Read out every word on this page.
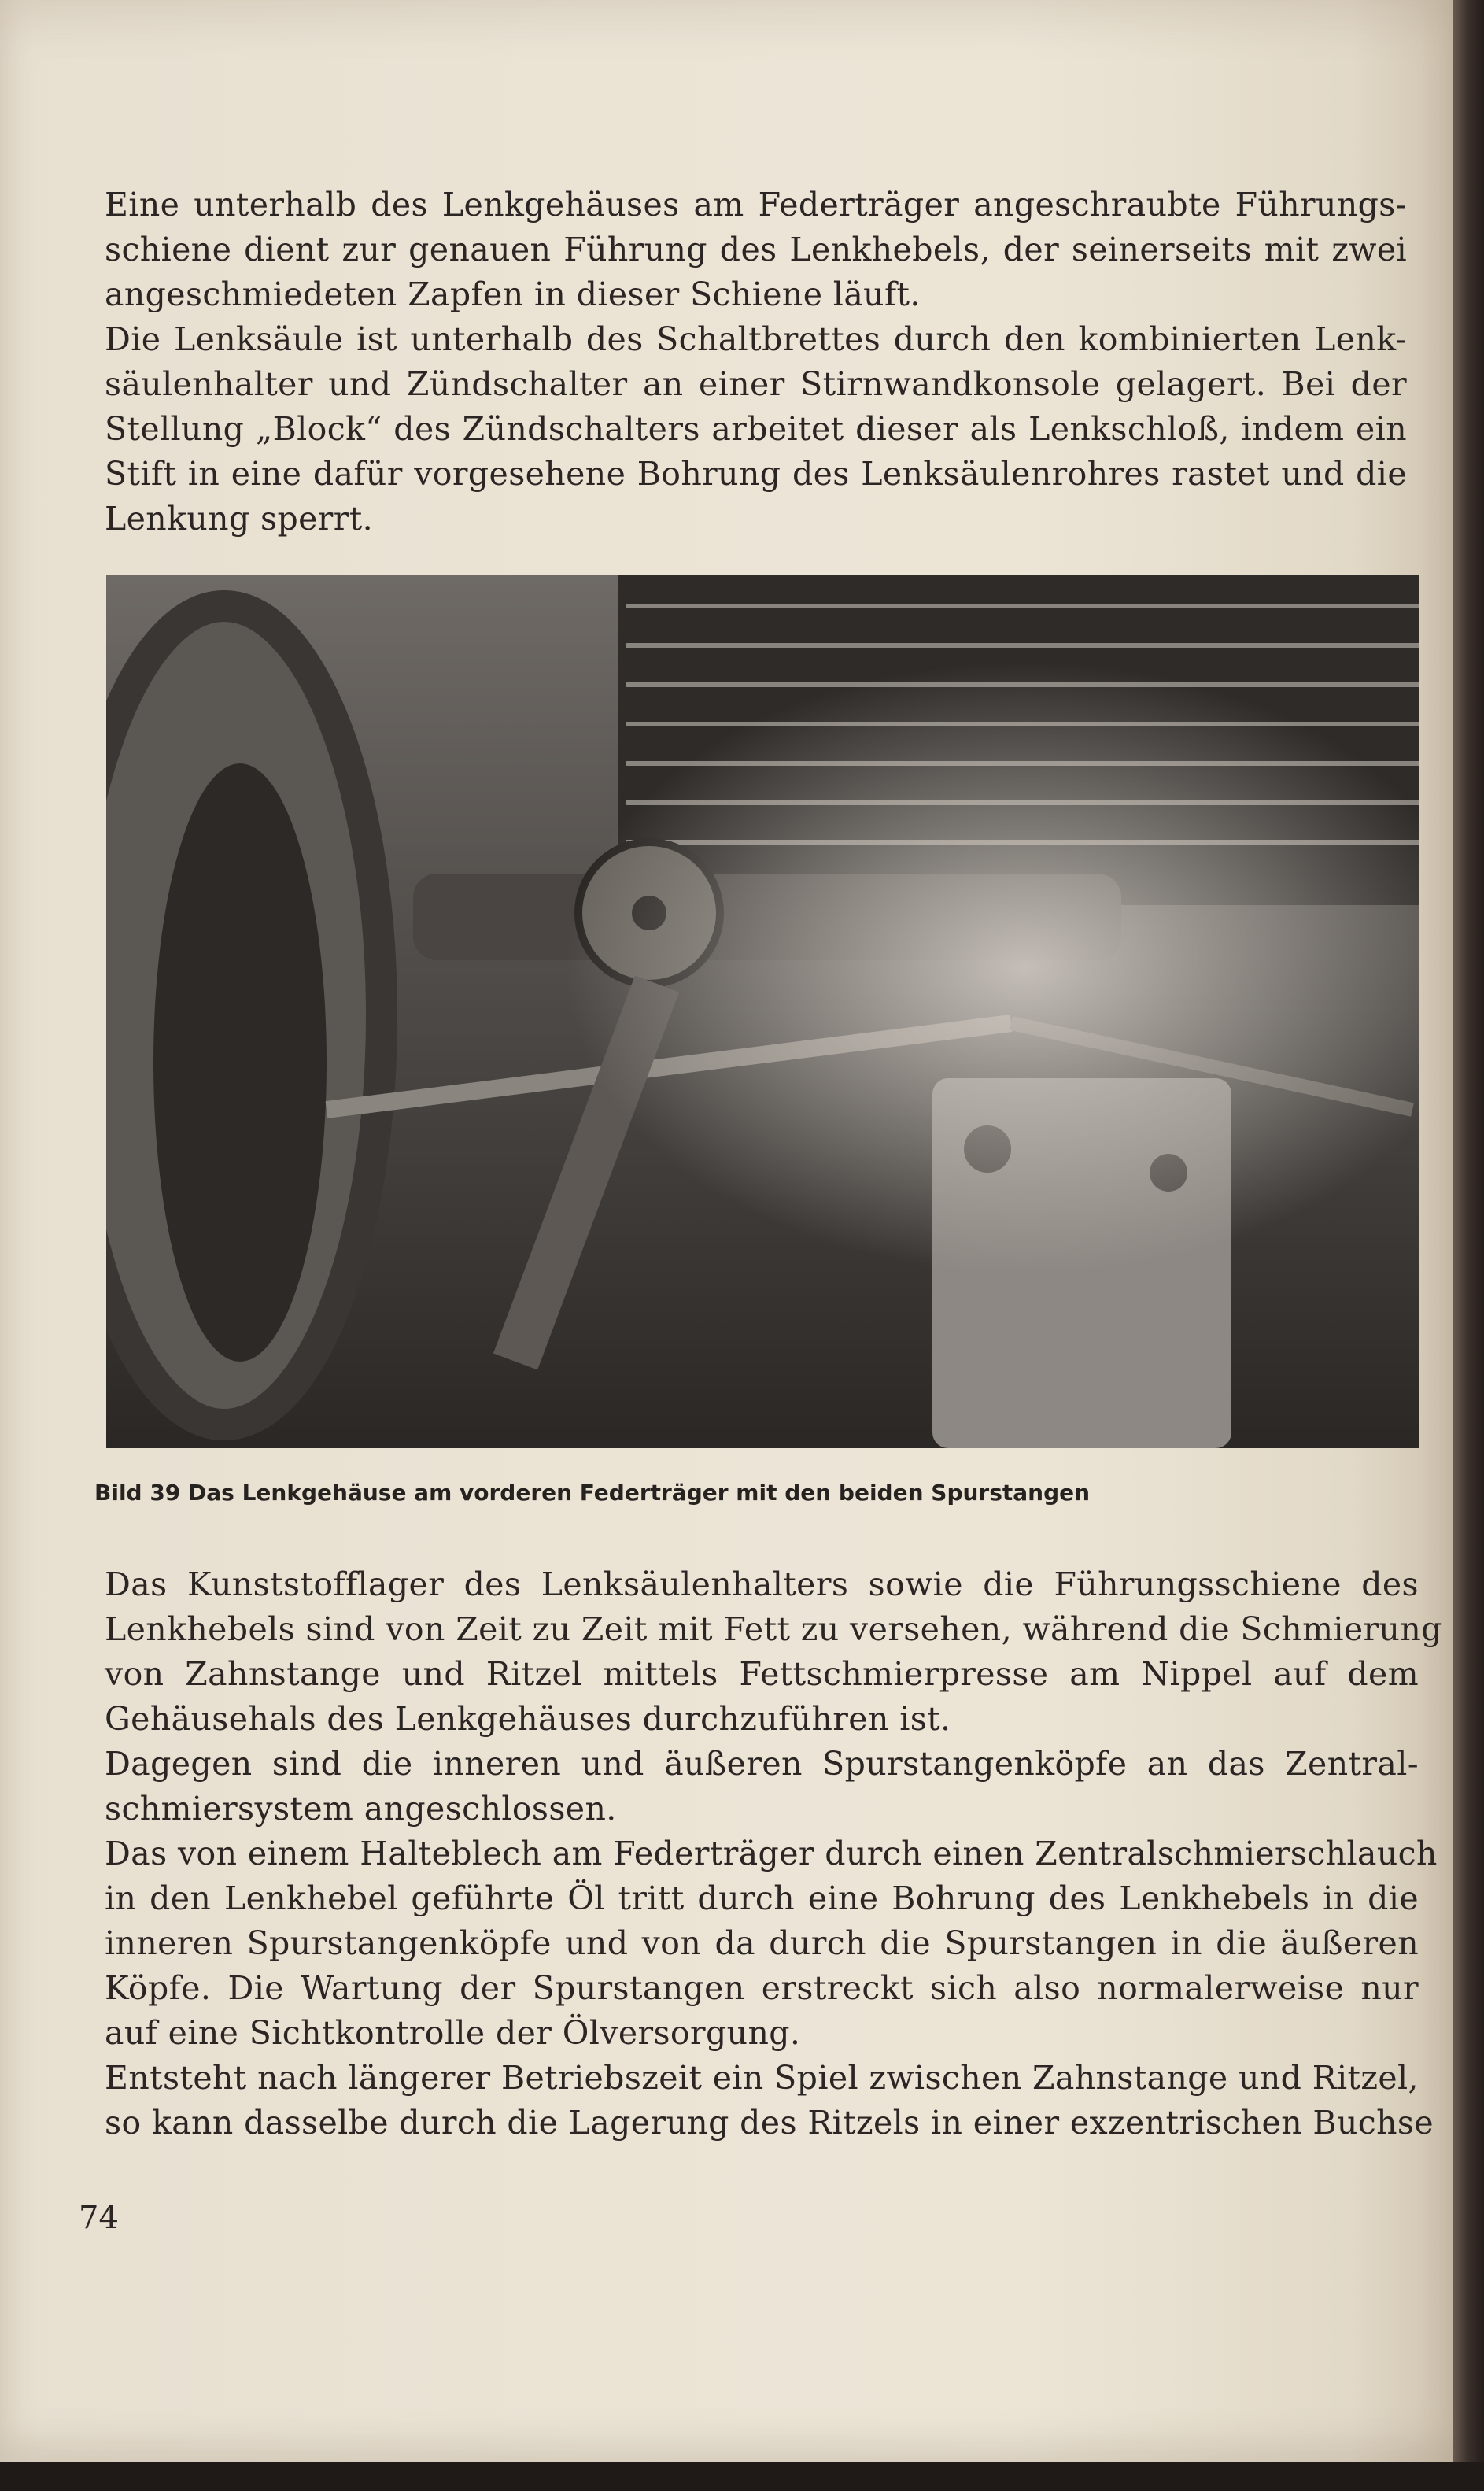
Eine unterhalb des Lenkgehäuses am Federträger angeschraubte Führungs-
schiene dient zur genauen Führung des Lenkhebels, der seinerseits mit zwei
angeschmiedeten Zapfen in dieser Schiene läuft.

Die Lenksäule ist unterhalb des Schaltbrettes durch den kombinierten Lenk-
säulenhalter und Zündschalter an einer Stirnwandkonsole gelagert. Bei der
Stellung „Block“ des Zündschalters arbeitet dieser als Lenkschloß, indem ein
Stift in eine dafür vorgesehene Bohrung des Lenksäulenrohres rastet und die
Lenkung sperrt.

Bild 39 Das Lenkgehäuse am vorderen Federträger mit den beiden Spurstangen

Das Kunststofflager des Lenksäulenhalters sowie die Führungsschiene des
Lenkhebels sind von Zeit zu Zeit mit Fett zu versehen, während die Schmierung
von Zahnstange und Ritzel mittels Fettschmierpresse am Nippel auf dem
Gehäusehals des Lenkgehäuses durchzuführen ist.

Dagegen sind die inneren und äußeren Spurstangenköpfe an das Zentral-
schmiersystem angeschlossen.

Das von einem Halteblech am Federträger durch einen Zentralschmierschlauch
in den Lenkhebel geführte Öl tritt durch eine Bohrung des Lenkhebels in die
inneren Spurstangenköpfe und von da durch die Spurstangen in die äußeren
Köpfe. Die Wartung der Spurstangen erstreckt sich also normalerweise nur
auf eine Sichtkontrolle der Ölversorgung.

Entsteht nach längerer Betriebszeit ein Spiel zwischen Zahnstange und Ritzel,
so kann dasselbe durch die Lagerung des Ritzels in einer exzentrischen Buchse

74
